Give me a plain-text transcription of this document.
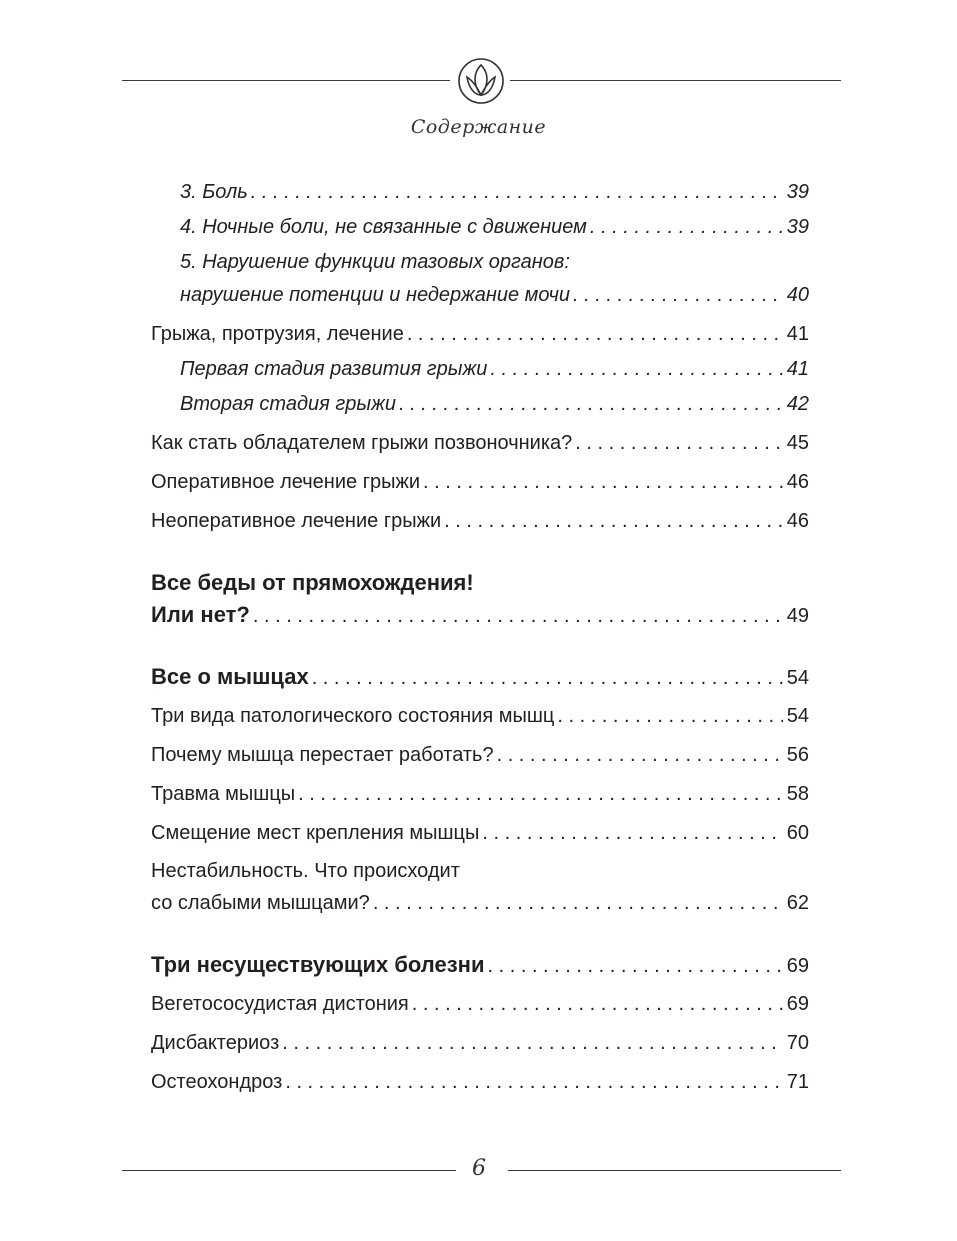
Содержание
3. Боль . . .	39
4. Ночные боли, не связанные с движением . . .	39
5. Нарушение функции тазовых органов:
нарушение потенции и недержание мочи . . .	40
Грыжа, протрузия, лечение . . .	41
Первая стадия развития грыжи . . .	41
Вторая стадия грыжи . . .	42
Как стать обладателем грыжи позвоночника? . . .	45
Оперативное лечение грыжи . . .	46
Неоперативное лечение грыжи . . .	46
Все беды от прямохождения!
Или нет? . . .	49
Все о мышцах . . .	54
Три вида патологического состояния мышц . . .	54
Почему мышца перестает работать? . . .	56
Травма мышцы . . .	58
Смещение мест крепления мышцы . . .	60
Нестабильность. Что происходит
со слабыми мышцами? . . .	62
Три несуществующих болезни . . .	69
Вегетососудистая дистония . . .	69
Дисбактериоз . . .	70
Остеохондроз . . .	71
6
